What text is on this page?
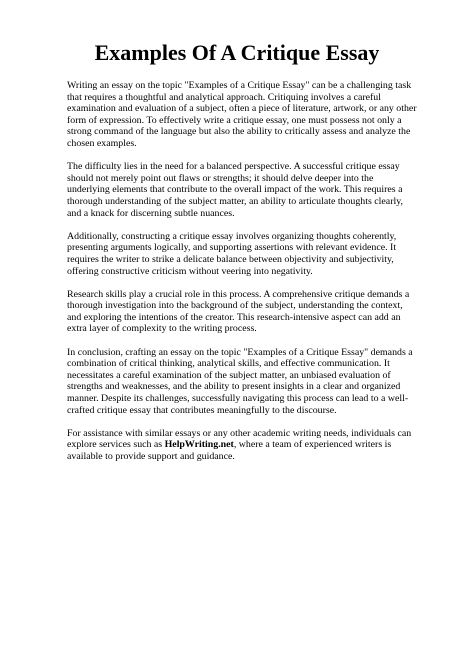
Examples Of A Critique Essay

Writing an essay on the topic "Examples of a Critique Essay" can be a challenging task that requires a thoughtful and analytical approach. Critiquing involves a careful examination and evaluation of a subject, often a piece of literature, artwork, or any other form of expression. To effectively write a critique essay, one must possess not only a strong command of the language but also the ability to critically assess and analyze the chosen examples.

The difficulty lies in the need for a balanced perspective. A successful critique essay should not merely point out flaws or strengths; it should delve deeper into the underlying elements that contribute to the overall impact of the work. This requires a thorough understanding of the subject matter, an ability to articulate thoughts clearly, and a knack for discerning subtle nuances.

Additionally, constructing a critique essay involves organizing thoughts coherently, presenting arguments logically, and supporting assertions with relevant evidence. It requires the writer to strike a delicate balance between objectivity and subjectivity, offering constructive criticism without veering into negativity.

Research skills play a crucial role in this process. A comprehensive critique demands a thorough investigation into the background of the subject, understanding the context, and exploring the intentions of the creator. This research-intensive aspect can add an extra layer of complexity to the writing process.

In conclusion, crafting an essay on the topic "Examples of a Critique Essay" demands a combination of critical thinking, analytical skills, and effective communication. It necessitates a careful examination of the subject matter, an unbiased evaluation of strengths and weaknesses, and the ability to present insights in a clear and organized manner. Despite its challenges, successfully navigating this process can lead to a well-crafted critique essay that contributes meaningfully to the discourse.

For assistance with similar essays or any other academic writing needs, individuals can explore services such as HelpWriting.net, where a team of experienced writers is available to provide support and guidance.
